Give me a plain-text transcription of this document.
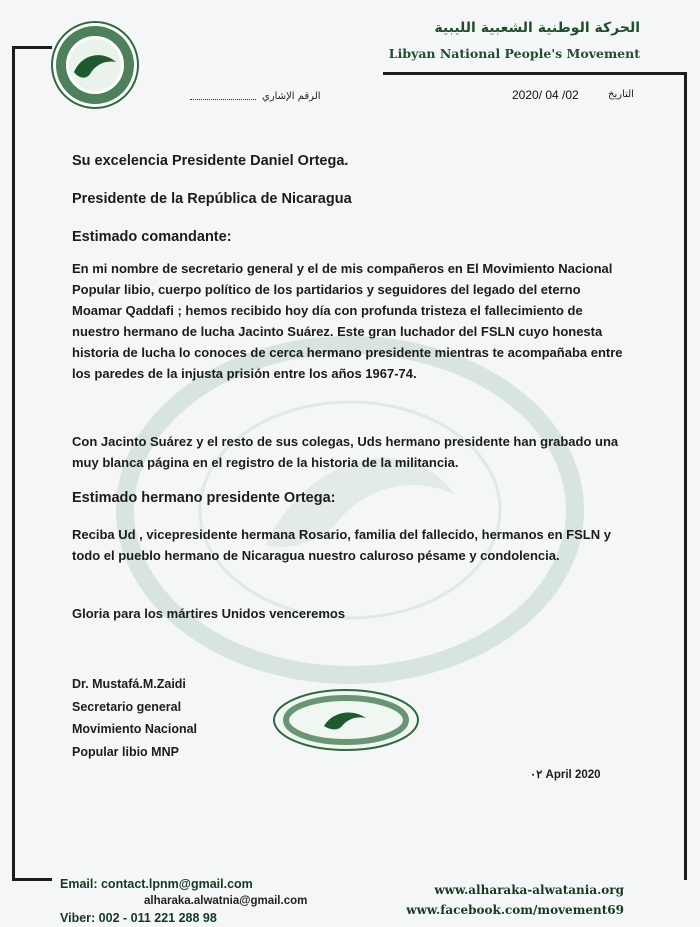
الحركة الوطنية الشعبية الليبية
Libyan National People's Movement
الرقم الإشاري	2020/ 04 /02	التاريخ
Su excelencia Presidente Daniel Ortega.
Presidente de la República de Nicaragua
Estimado comandante:
En mi nombre de secretario general y el de mis compañeros en El Movimiento Nacional Popular libio, cuerpo político de los partidarios y seguidores del legado del eterno Moamar Qaddafi ; hemos recibido hoy día con profunda tristeza el fallecimiento de nuestro hermano de lucha Jacinto Suárez. Este gran luchador del FSLN cuyo honesta historia de lucha lo conoces de cerca hermano presidente mientras te acompañaba entre los paredes de la injusta prisión entre los años 1967-74.
Con Jacinto Suárez y el resto de sus colegas, Uds hermano presidente han grabado una muy blanca página en el registro de la historia de la militancia.
Estimado hermano presidente Ortega:
Reciba Ud , vicepresidente hermana Rosario, familia del fallecido, hermanos en FSLN y todo el pueblo hermano de Nicaragua nuestro caluroso pésame y condolencia.
Gloria para los mártires Unidos venceremos
Dr. Mustafá.M.Zaidi
Secretario general
Movimiento Nacional
Popular libio MNP
٠٢ April 2020
Email: contact.lpnm@gmail.com
alharaka.alwatnia@gmail.com
Viber: 002 - 011 221 288 98
www.alharaka-alwatania.org
www.facebook.com/movement69
